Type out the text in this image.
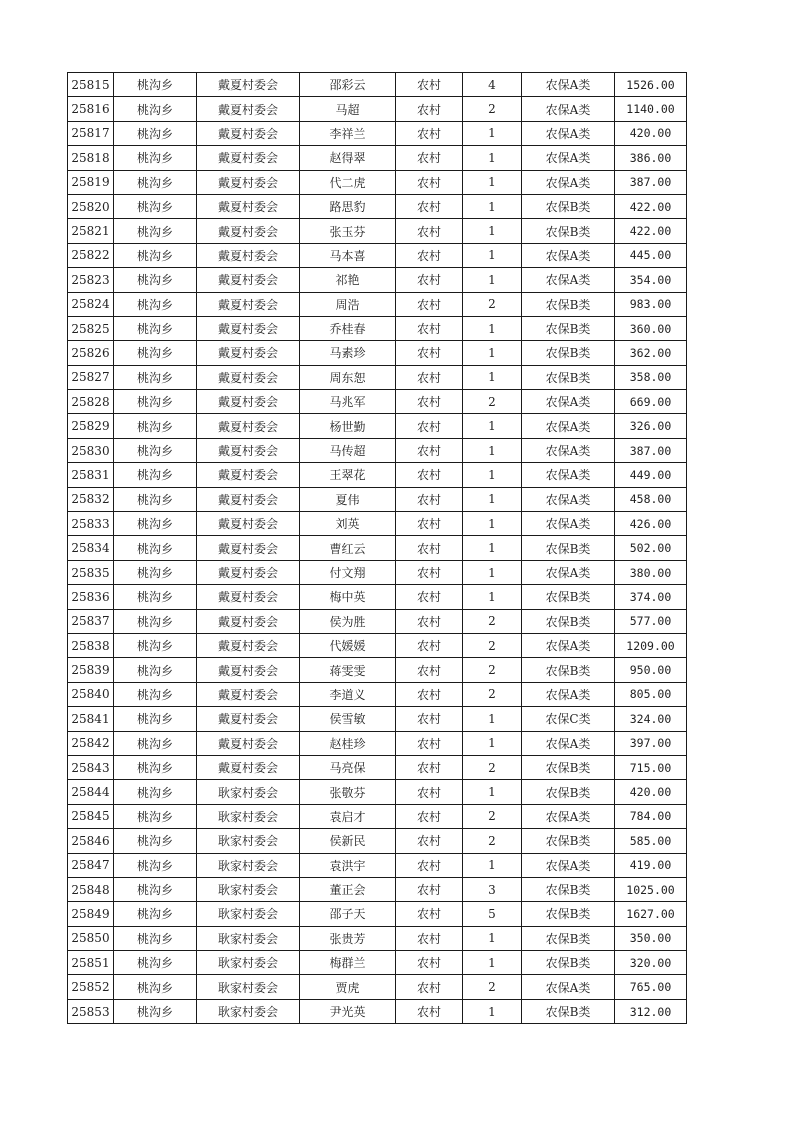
25815	桃沟乡	戴夏村委会	邵彩云	农村	4	农保A类	1526.00
25816	桃沟乡	戴夏村委会	马超	农村	2	农保A类	1140.00
25817	桃沟乡	戴夏村委会	李祥兰	农村	1	农保A类	420.00
25818	桃沟乡	戴夏村委会	赵得翠	农村	1	农保A类	386.00
25819	桃沟乡	戴夏村委会	代二虎	农村	1	农保A类	387.00
25820	桃沟乡	戴夏村委会	路思豹	农村	1	农保B类	422.00
25821	桃沟乡	戴夏村委会	张玉芬	农村	1	农保B类	422.00
25822	桃沟乡	戴夏村委会	马本喜	农村	1	农保A类	445.00
25823	桃沟乡	戴夏村委会	祁艳	农村	1	农保A类	354.00
25824	桃沟乡	戴夏村委会	周浩	农村	2	农保B类	983.00
25825	桃沟乡	戴夏村委会	乔桂春	农村	1	农保B类	360.00
25826	桃沟乡	戴夏村委会	马素珍	农村	1	农保B类	362.00
25827	桃沟乡	戴夏村委会	周东恕	农村	1	农保B类	358.00
25828	桃沟乡	戴夏村委会	马兆军	农村	2	农保A类	669.00
25829	桃沟乡	戴夏村委会	杨世勤	农村	1	农保A类	326.00
25830	桃沟乡	戴夏村委会	马传超	农村	1	农保A类	387.00
25831	桃沟乡	戴夏村委会	王翠花	农村	1	农保A类	449.00
25832	桃沟乡	戴夏村委会	夏伟	农村	1	农保A类	458.00
25833	桃沟乡	戴夏村委会	刘英	农村	1	农保A类	426.00
25834	桃沟乡	戴夏村委会	曹红云	农村	1	农保B类	502.00
25835	桃沟乡	戴夏村委会	付文翔	农村	1	农保A类	380.00
25836	桃沟乡	戴夏村委会	梅中英	农村	1	农保B类	374.00
25837	桃沟乡	戴夏村委会	侯为胜	农村	2	农保B类	577.00
25838	桃沟乡	戴夏村委会	代媛媛	农村	2	农保A类	1209.00
25839	桃沟乡	戴夏村委会	蒋雯雯	农村	2	农保B类	950.00
25840	桃沟乡	戴夏村委会	李道义	农村	2	农保A类	805.00
25841	桃沟乡	戴夏村委会	侯雪敏	农村	1	农保C类	324.00
25842	桃沟乡	戴夏村委会	赵桂珍	农村	1	农保A类	397.00
25843	桃沟乡	戴夏村委会	马亮保	农村	2	农保B类	715.00
25844	桃沟乡	耿家村委会	张敬芬	农村	1	农保B类	420.00
25845	桃沟乡	耿家村委会	袁启才	农村	2	农保A类	784.00
25846	桃沟乡	耿家村委会	侯新民	农村	2	农保B类	585.00
25847	桃沟乡	耿家村委会	袁洪宇	农村	1	农保A类	419.00
25848	桃沟乡	耿家村委会	董正会	农村	3	农保B类	1025.00
25849	桃沟乡	耿家村委会	邵子天	农村	5	农保B类	1627.00
25850	桃沟乡	耿家村委会	张贵芳	农村	1	农保B类	350.00
25851	桃沟乡	耿家村委会	梅群兰	农村	1	农保B类	320.00
25852	桃沟乡	耿家村委会	贾虎	农村	2	农保A类	765.00
25853	桃沟乡	耿家村委会	尹光英	农村	1	农保B类	312.00
